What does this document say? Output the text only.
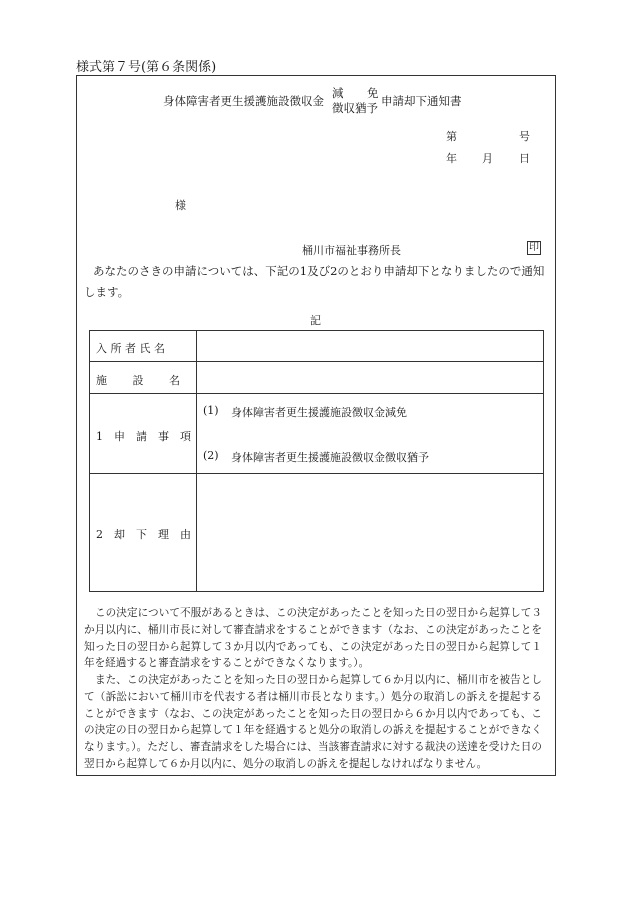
様式第７号(第６条関係)
身体障害者更生援護施設徴収金
減 免
徴収猶予 申請却下通知書
第	号
年 月 日
様
桶川市福祉事務所長	印
あなたのさきの申請については、下記の1及び2のとおり申請却下となりましたので通知
します。
記
入 所 者 氏 名
施　 　設　 　名
1　申　請　事　項
2　却　下　理　由
(1) 身体障害者更生援護施設徴収金減免
(2) 身体障害者更生援護施設徴収金徴収猶予
この決定について不服があるときは、この決定があったことを知った日の翌日から起算して３か月以内に、桶川市長に対して審査請求をすることができます（なお、この決定があったことを知った日の翌日から起算して３か月以内であっても、この決定があった日の翌日から起算して１年を経過すると審査請求をすることができなくなります。）。
また、この決定があったことを知った日の翌日から起算して６か月以内に、桶川市を被告として（訴訟において桶川市を代表する者は桶川市長となります。）処分の取消しの訴えを提起することができます（なお、この決定があったことを知った日の翌日から６か月以内であっても、この決定の日の翌日から起算して１年を経過すると処分の取消しの訴えを提起することができなくなります。）。ただし、審査請求をした場合には、当該審査請求に対する裁決の送達を受けた日の翌日から起算して６か月以内に、処分の取消しの訴えを提起しなければなりません。
